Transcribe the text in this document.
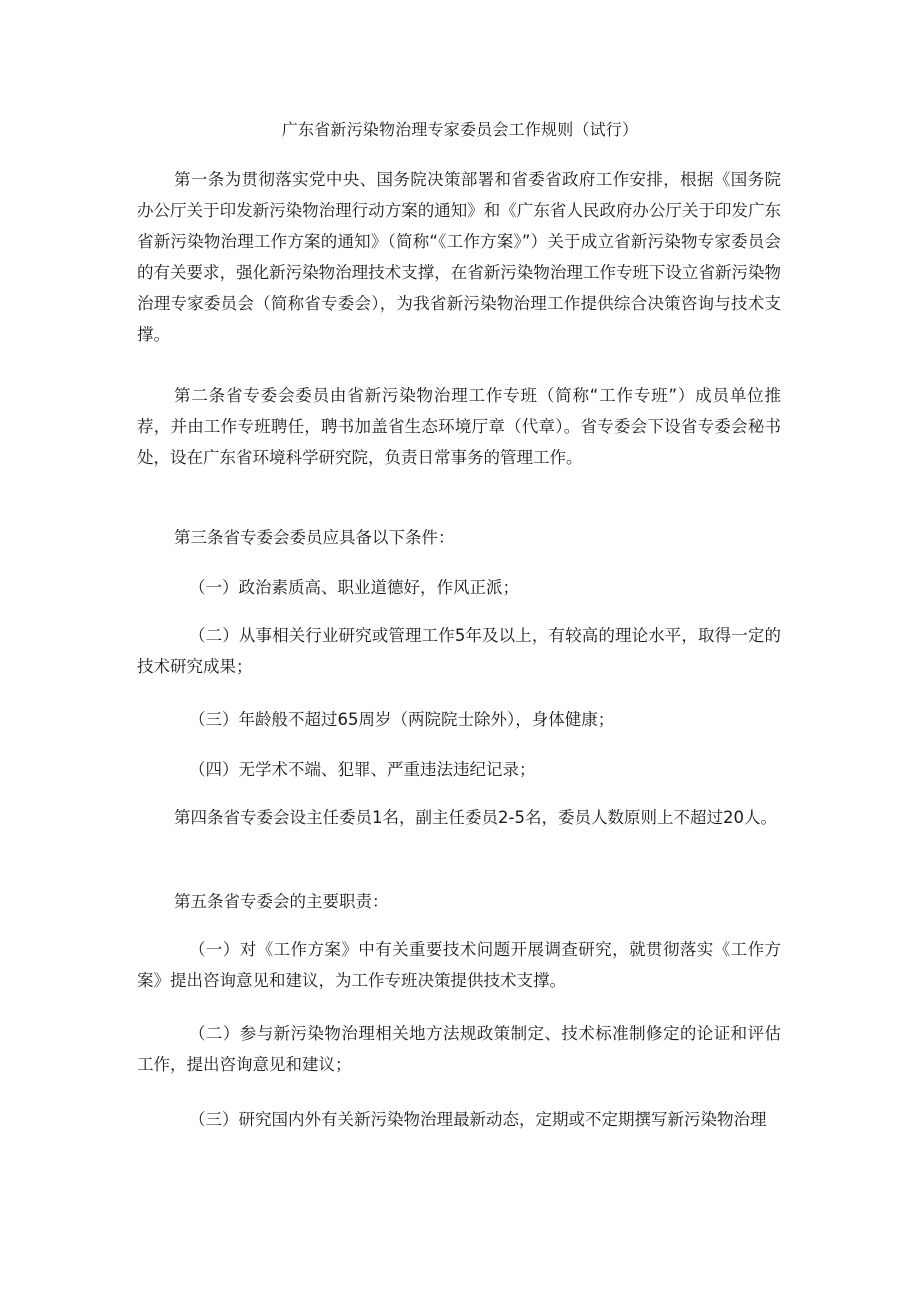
广东省新污染物治理专家委员会工作规则（试行）

第一条为贯彻落实党中央、国务院决策部署和省委省政府工作安排，根据《国务院办公厅关于印发新污染物治理行动方案的通知》和《广东省人民政府办公厅关于印发广东省新污染物治理工作方案的通知》（简称“《工作方案》”）关于成立省新污染物专家委员会的有关要求，强化新污染物治理技术支撑，在省新污染物治理工作专班下设立省新污染物治理专家委员会（简称省专委会），为我省新污染物治理工作提供综合决策咨询与技术支撑。

第二条省专委会委员由省新污染物治理工作专班（简称“工作专班”）成员单位推荐，并由工作专班聘任，聘书加盖省生态环境厅章（代章）。省专委会下设省专委会秘书处，设在广东省环境科学研究院，负责日常事务的管理工作。

第三条省专委会委员应具备以下条件：

（一）政治素质高、职业道德好，作风正派；

（二）从事相关行业研究或管理工作5年及以上，有较高的理论水平，取得一定的技术研究成果；

（三）年龄般不超过65周岁（两院院士除外），身体健康；

（四）无学术不端、犯罪、严重违法违纪记录；

第四条省专委会设主任委员1名，副主任委员2-5名，委员人数原则上不超过20人。

第五条省专委会的主要职责：

（一）对《工作方案》中有关重要技术问题开展调查研究，就贯彻落实《工作方案》提出咨询意见和建议，为工作专班决策提供技术支撑。

（二）参与新污染物治理相关地方法规政策制定、技术标准制修定的论证和评估工作，提出咨询意见和建议；

（三）研究国内外有关新污染物治理最新动态，定期或不定期撰写新污染物治理
